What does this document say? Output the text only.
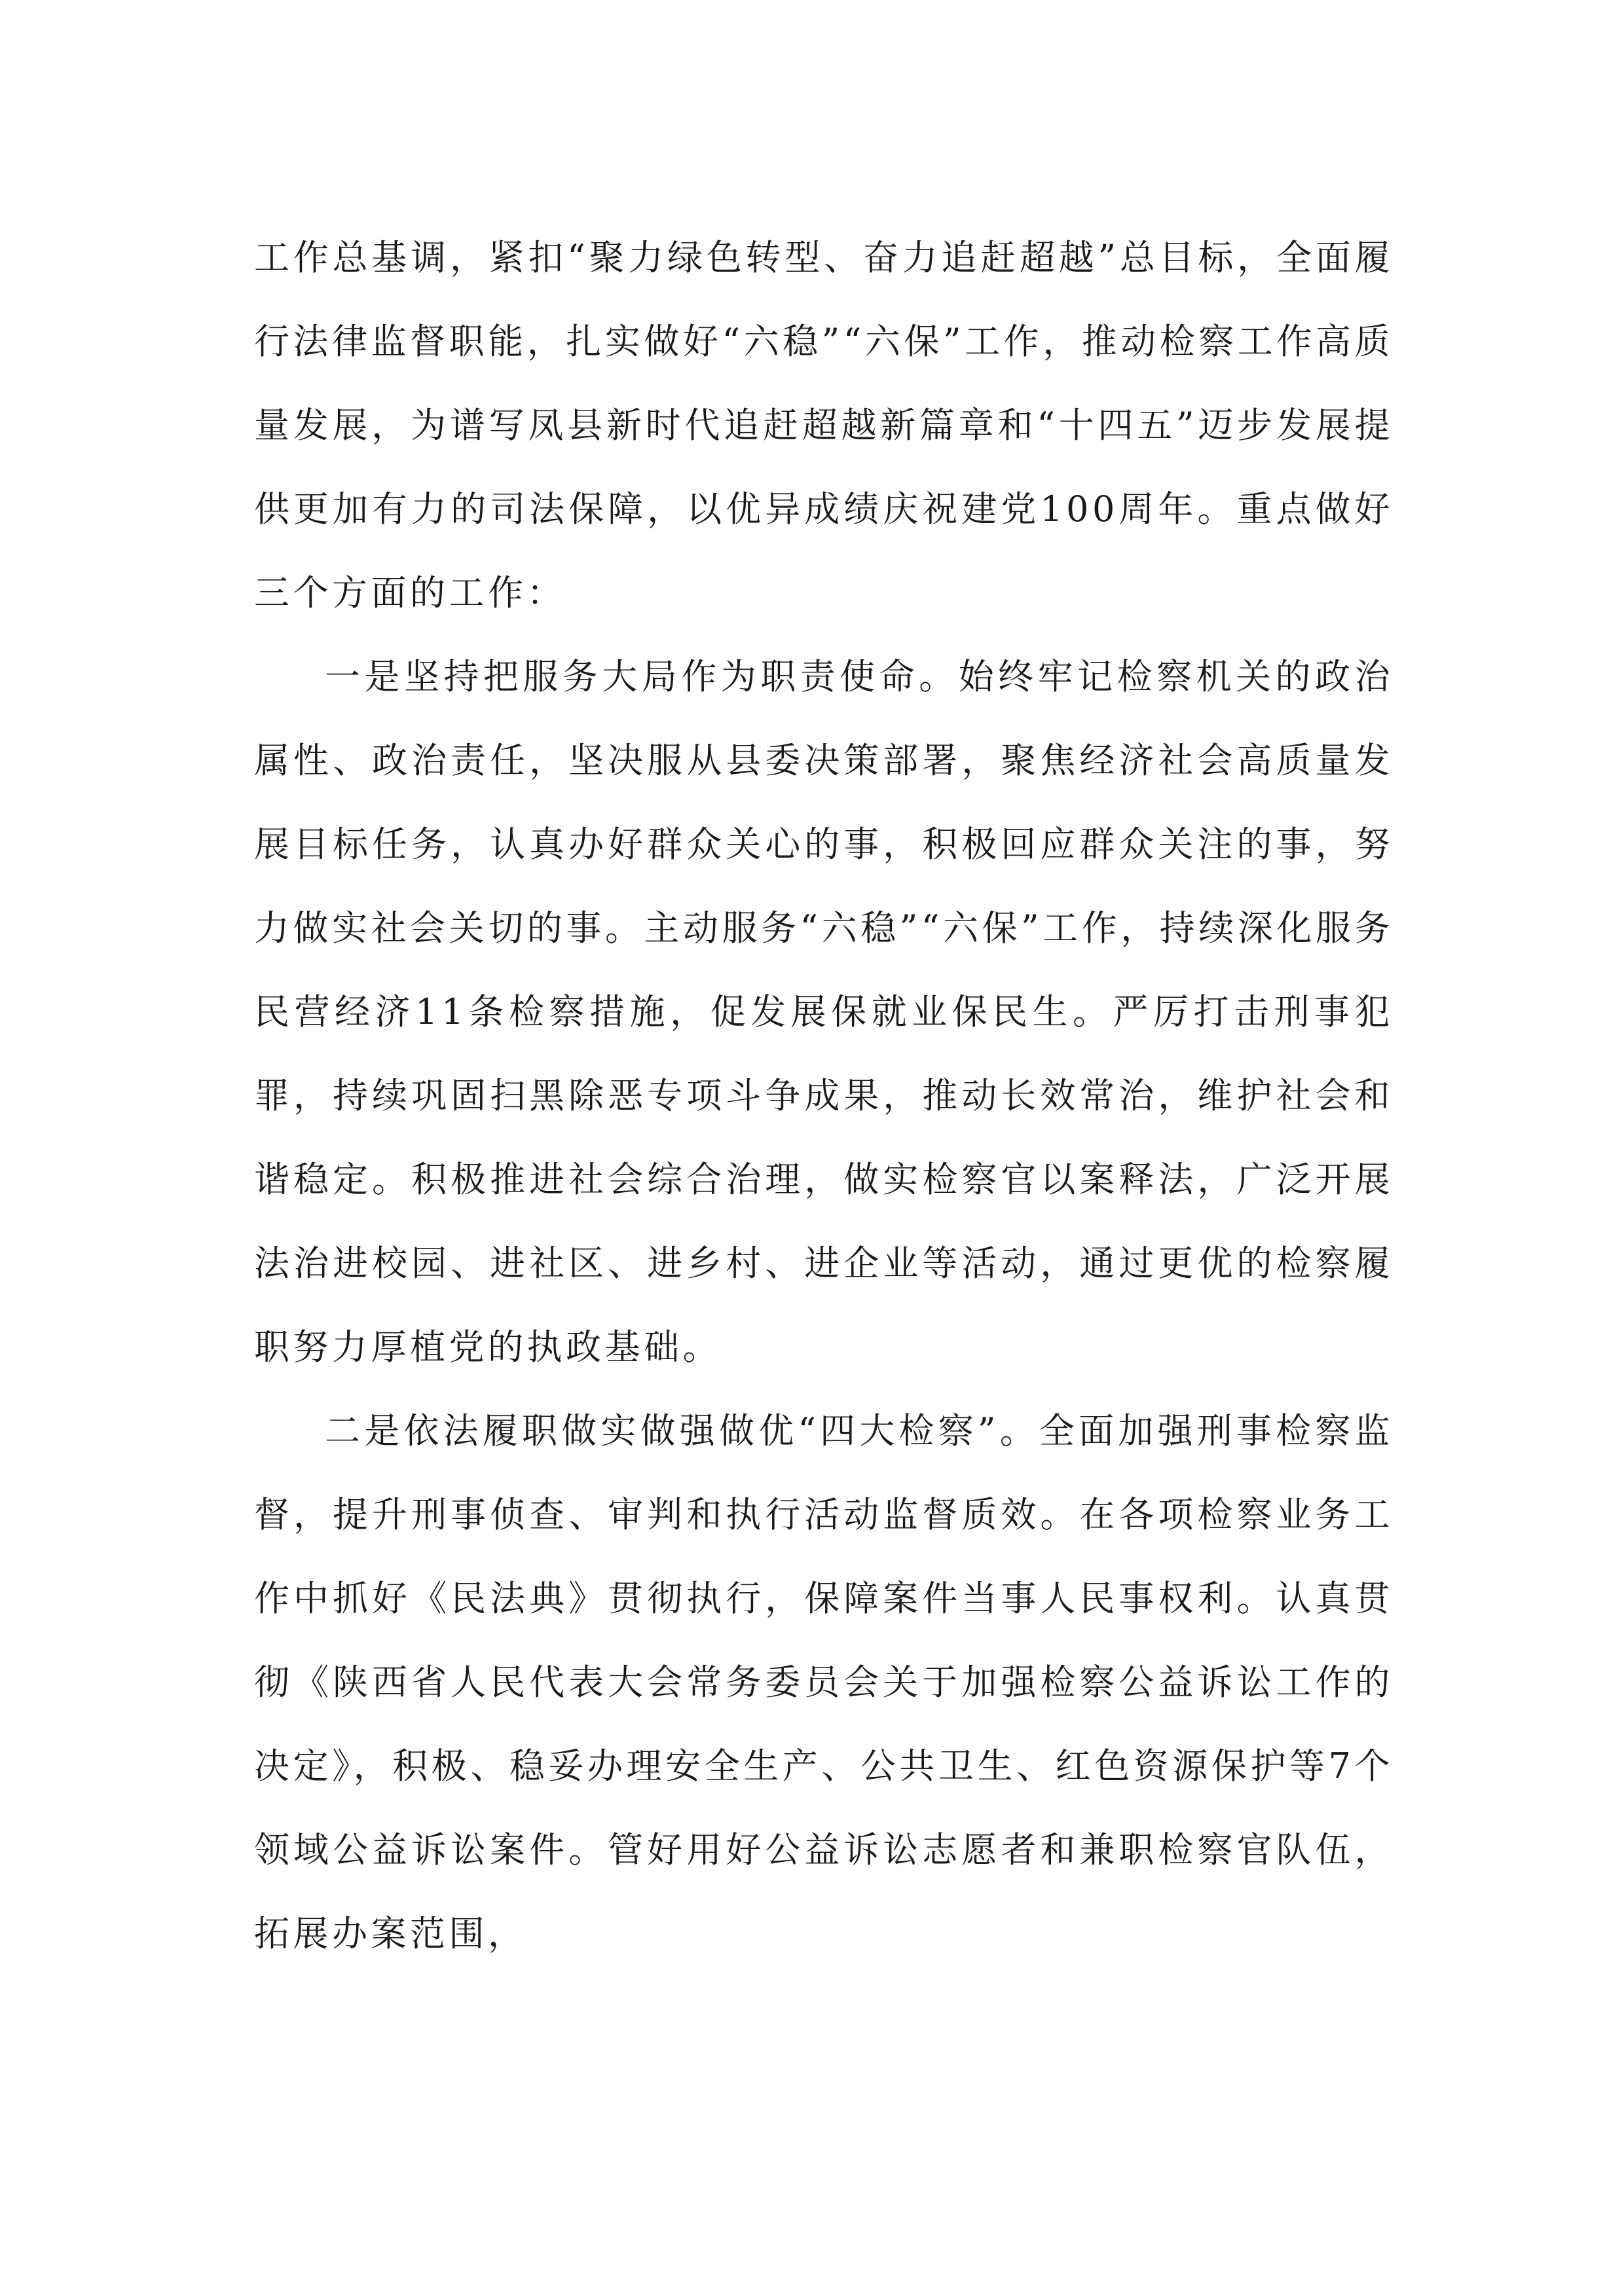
工作总基调，紧扣“聚力绿色转型、奋力追赶超越”总目标，全面履行法律监督职能，扎实做好“六稳”“六保”工作，推动检察工作高质量发展，为谱写凤县新时代追赶超越新篇章和“十四五”迈步发展提供更加有力的司法保障，以优异成绩庆祝建党100周年。重点做好三个方面的工作：

一是坚持把服务大局作为职责使命。始终牢记检察机关的政治属性、政治责任，坚决服从县委决策部署，聚焦经济社会高质量发展目标任务，认真办好群众关心的事，积极回应群众关注的事，努力做实社会关切的事。主动服务“六稳”“六保”工作，持续深化服务民营经济11条检察措施，促发展保就业保民生。严厉打击刑事犯罪，持续巩固扫黑除恶专项斗争成果，推动长效常治，维护社会和谐稳定。积极推进社会综合治理，做实检察官以案释法，广泛开展法治进校园、进社区、进乡村、进企业等活动，通过更优的检察履职努力厚植党的执政基础。

二是依法履职做实做强做优“四大检察”。全面加强刑事检察监督，提升刑事侦查、审判和执行活动监督质效。在各项检察业务工作中抓好《民法典》贯彻执行，保障案件当事人民事权利。认真贯彻《陕西省人民代表大会常务委员会关于加强检察公益诉讼工作的决定》，积极、稳妥办理安全生产、公共卫生、红色资源保护等7个领域公益诉讼案件。管好用好公益诉讼志愿者和兼职检察官队伍，拓展办案范围，
